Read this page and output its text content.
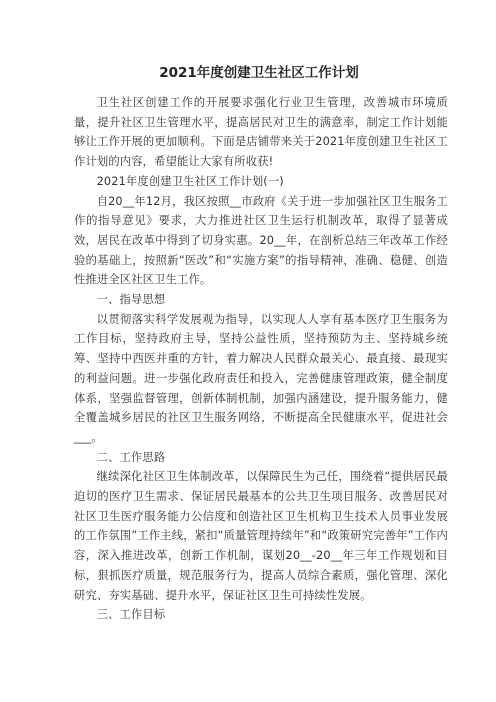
2021年度创建卫生社区工作计划

卫生社区创建工作的开展要求强化行业卫生管理，改善城市环境质量，提升社区卫生管理水平，提高居民对卫生的满意率，制定工作计划能够让工作开展的更加顺利。下面是店铺带来关于2021年度创建卫生社区工作计划的内容，希望能让大家有所收获!

2021年度创建卫生社区工作计划(一)

自20__年12月，我区按照__市政府《关于进一步加强社区卫生服务工作的指导意见》要求，大力推进社区卫生运行机制改革，取得了显著成效，居民在改革中得到了切身实惠。20__年，在剖析总结三年改革工作经验的基础上，按照新“医改”和“实施方案”的指导精神，准确、稳健、创造性推进全区社区卫生工作。

一、指导思想

以贯彻落实科学发展观为指导，以实现人人享有基本医疗卫生服务为工作目标，坚持政府主导，坚持公益性质，坚持预防为主、坚持城乡统筹、坚持中西医并重的方针，着力解决人民群众最关心、最直接、最现实的利益问题。进一步强化政府责任和投入，完善健康管理政策，健全制度体系，坚强监督管理，创新体制机制，加强内涵建设，提升服务能力，健全覆盖城乡居民的社区卫生服务网络，不断提高全民健康水平，促进社会___。

二、工作思路

继续深化社区卫生体制改革，以保障民生为己任，围绕着“提供居民最迫切的医疗卫生需求、保证居民最基本的公共卫生项目服务、改善居民对社区卫生医疗服务能力公信度和创造社区卫生机构卫生技术人员事业发展的工作氛围”工作主线，紧扣“质量管理持续年”和“政策研究完善年”工作内容，深入推进改革，创新工作机制，谋划20__-20__年三年工作规划和目标，狠抓医疗质量，规范服务行为，提高人员综合素质，强化管理、深化研究、夯实基础、提升水平，保证社区卫生可持续性发展。

三、工作目标
